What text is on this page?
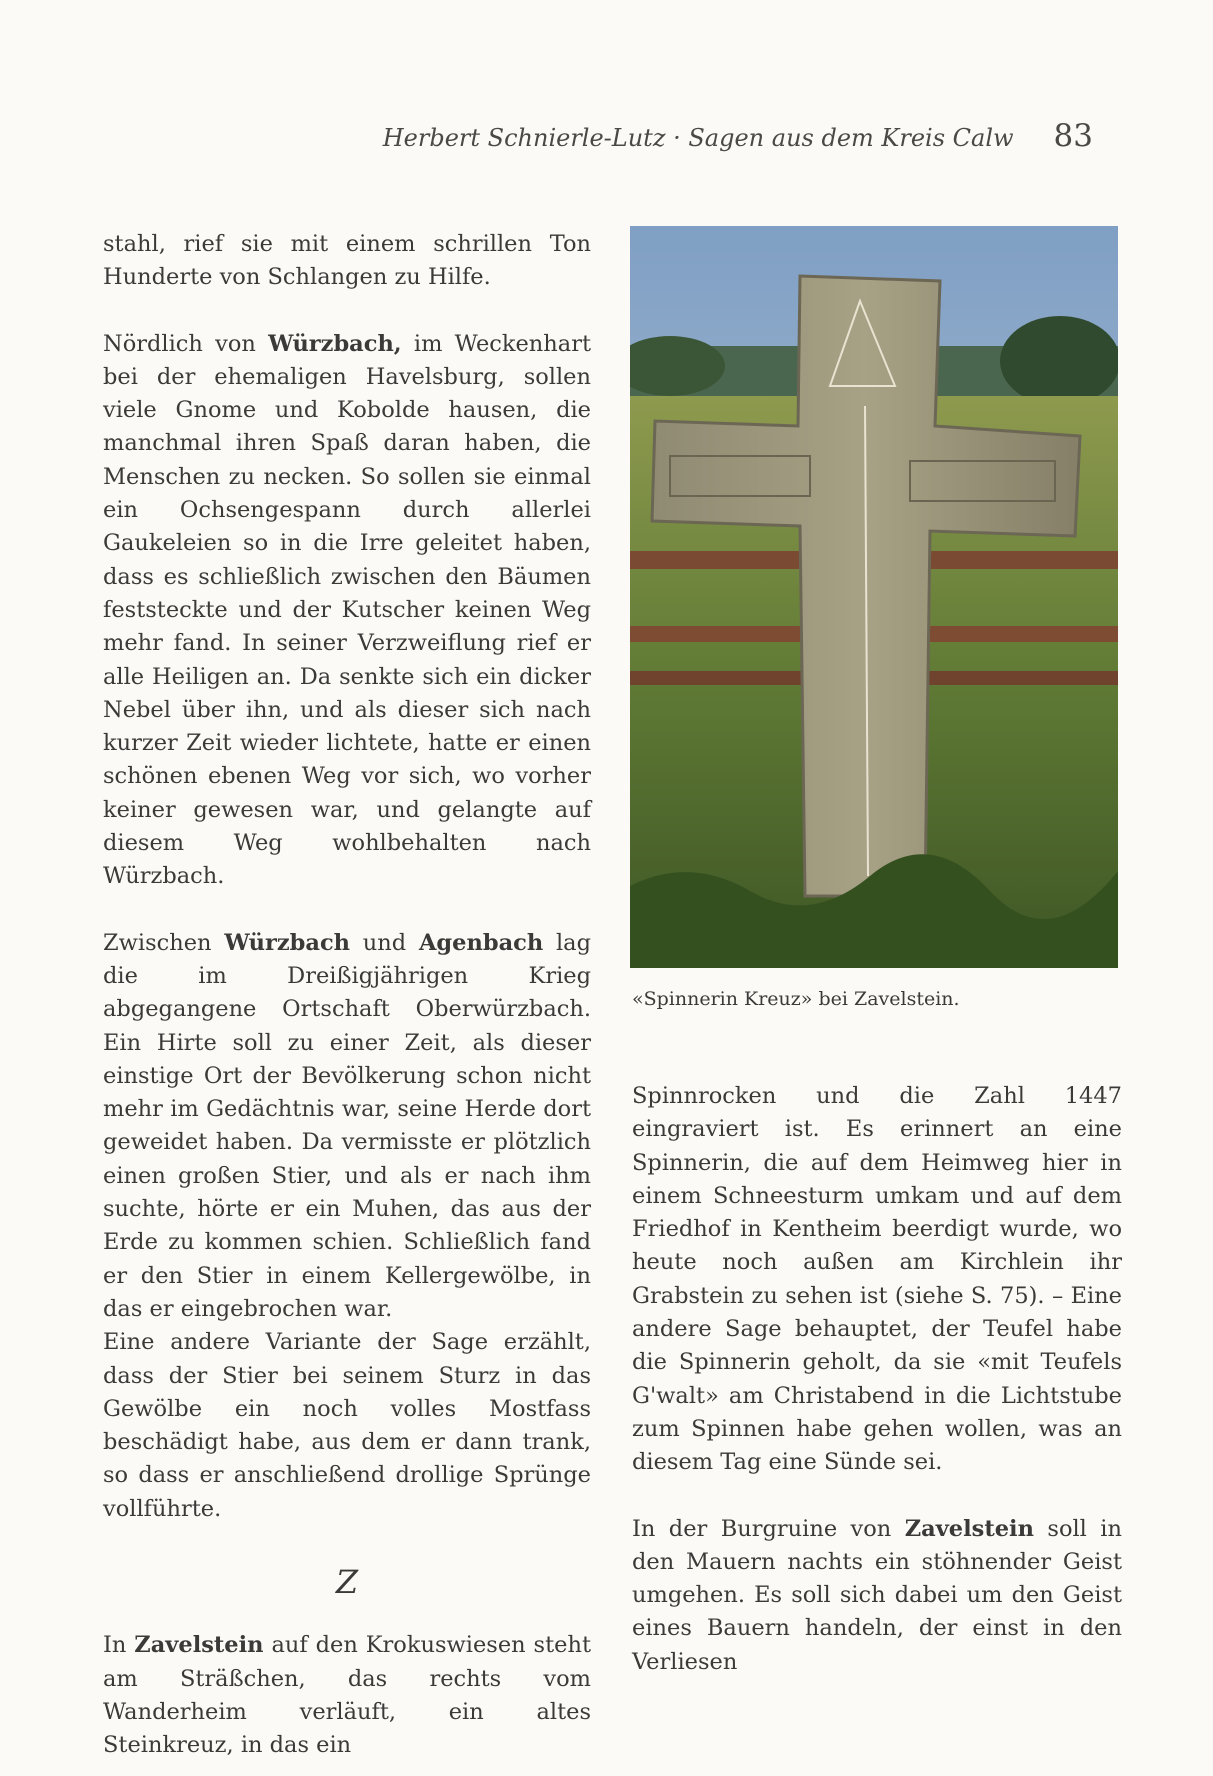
Herbert Schnierle-Lutz · Sagen aus dem Kreis Calw 83

stahl, rief sie mit einem schrillen Ton Hunderte von Schlangen zu Hilfe.

Nördlich von Würzbach, im Weckenhart bei der ehemaligen Havelsburg, sollen viele Gnome und Kobolde hausen, die manchmal ihren Spaß daran haben, die Menschen zu necken. So sollen sie einmal ein Ochsengespann durch allerlei Gaukeleien so in die Irre geleitet haben, dass es schließlich zwischen den Bäumen feststeckte und der Kutscher keinen Weg mehr fand. In seiner Verzweiflung rief er alle Heiligen an. Da senkte sich ein dicker Nebel über ihn, und als dieser sich nach kurzer Zeit wieder lichtete, hatte er einen schönen ebenen Weg vor sich, wo vorher keiner gewesen war, und gelangte auf diesem Weg wohlbehalten nach Würzbach.

Zwischen Würzbach und Agenbach lag die im Dreißigjährigen Krieg abgegangene Ortschaft Oberwürzbach. Ein Hirte soll zu einer Zeit, als dieser einstige Ort der Bevölkerung schon nicht mehr im Gedächtnis war, seine Herde dort geweidet haben. Da vermisste er plötzlich einen großen Stier, und als er nach ihm suchte, hörte er ein Muhen, das aus der Erde zu kommen schien. Schließlich fand er den Stier in einem Kellergewölbe, in das er eingebrochen war.

Eine andere Variante der Sage erzählt, dass der Stier bei seinem Sturz in das Gewölbe ein noch volles Mostfass beschädigt habe, aus dem er dann trank, so dass er anschließend drollige Sprünge vollführte.

Z

In Zavelstein auf den Krokuswiesen steht am Sträßchen, das rechts vom Wanderheim verläuft, ein altes Steinkreuz, in das ein

«Spinnerin Kreuz» bei Zavelstein.

Spinnrocken und die Zahl 1447 eingraviert ist. Es erinnert an eine Spinnerin, die auf dem Heimweg hier in einem Schneesturm umkam und auf dem Friedhof in Kentheim beerdigt wurde, wo heute noch außen am Kirchlein ihr Grabstein zu sehen ist (siehe S. 75). – Eine andere Sage behauptet, der Teufel habe die Spinnerin geholt, da sie «mit Teufels G'walt» am Christabend in die Lichtstube zum Spinnen habe gehen wollen, was an diesem Tag eine Sünde sei.

In der Burgruine von Zavelstein soll in den Mauern nachts ein stöhnender Geist umgehen. Es soll sich dabei um den Geist eines Bauern handeln, der einst in den Verliesen
